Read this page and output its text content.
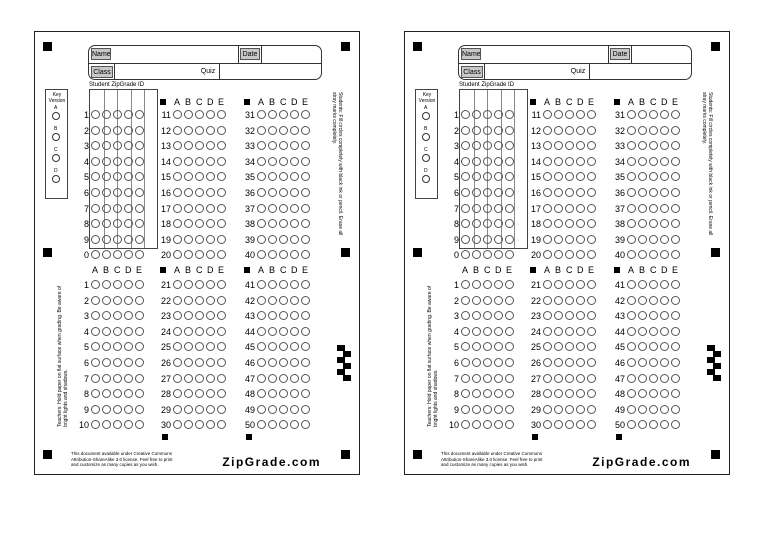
Name	Date
Class	Quiz
Student ZipGrade ID
Key Version
A
B
C
D
1
2
3
4
5
6
7
8
9
0
A B C D E
11
12
13
14
15
16
17
18
19
20
A B C D E
31
32
33
34
35
36
37
38
39
40
A B C D E
1
2
3
4
5
6
7
8
9
10
A B C D E
21
22
23
24
25
26
27
28
29
30
A B C D E
41
42
43
44
45
46
47
48
49
50
Students: Fill circles completely with black ink or pencil. Erase all stray marks completely.
Teachers: Hold paper on flat surface when grading. Be aware of bright lights and shadows.
This document available under Creative Commons Attribution-ShareAlike 3.0 license. Feel free to print and customize as many copies as you wish.	ZipGrade.com
Name	Date
Class	Quiz
Student ZipGrade ID
Key Version
A
B
C
D
1
2
3
4
5
6
7
8
9
0
A B C D E
11
12
13
14
15
16
17
18
19
20
A B C D E
31
32
33
34
35
36
37
38
39
40
A B C D E
1
2
3
4
5
6
7
8
9
10
A B C D E
21
22
23
24
25
26
27
28
29
30
A B C D E
41
42
43
44
45
46
47
48
49
50
Students: Fill circles completely with black ink or pencil. Erase all stray marks completely.
Teachers: Hold paper on flat surface when grading. Be aware of bright lights and shadows.
This document available under Creative Commons Attribution-ShareAlike 3.0 license. Feel free to print and customize as many copies as you wish.	ZipGrade.com
